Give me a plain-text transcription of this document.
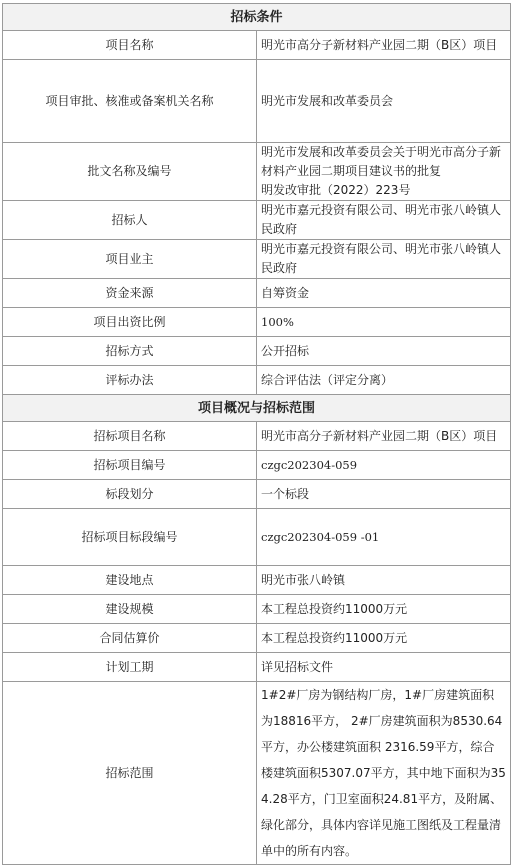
招标条件	
项目名称	明光市高分子新材料产业园二期（B区）项目
项目审批、核准或备案机关名称	明光市发展和改革委员会
批文名称及编号	明光市发展和改革委员会关于明光市高分子新材料产业园二期项目建议书的批复
明发改审批（2022）223号

招标人	明光市嘉元投资有限公司、明光市张八岭镇人民政府
项目业主	明光市嘉元投资有限公司、明光市张八岭镇人民政府
资金来源	自筹资金
项目出资比例	100%
招标方式	公开招标
评标办法	综合评估法（评定分离）
项目概况与招标范围	
招标项目名称	明光市高分子新材料产业园二期（B区）项目
招标项目编号	czgc202304-059
标段划分	一个标段
招标项目标段编号	czgc202304-059 -01
建设地点	明光市张八岭镇
建设规模	本工程总投资约11000万元
合同估算价	本工程总投资约11000万元
计划工期	详见招标文件
招标范围	1#2#厂房为钢结构厂房，1#厂房建筑面积为18816平方， 2#厂房建筑面积为8530.64平方，办公楼建筑面积 2316.59平方，综合楼建筑面积5307.07平方，其中地下面积为354.28平方，门卫室面积24.81平方，及附属、绿化部分，具体内容详见施工图纸及工程量清单中的所有内容。
